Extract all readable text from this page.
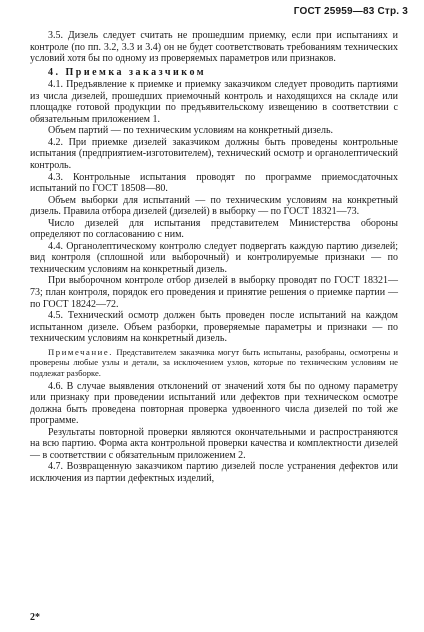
ГОСТ 25959—83 Стр. 3

3.5. Дизель следует считать не прошедшим приемку, если при испытаниях и контроле (по пп. 3.2, 3.3 и 3.4) он не будет соответствовать требованиям технических условий хотя бы по одному из проверяемых параметров или признаков.

4. Приемка заказчиком

4.1. Предъявление к приемке и приемку заказчиком следует проводить партиями из числа дизелей, прошедших приемочный контроль и находящихся на складе или площадке готовой продукции по предъявительскому извещению в соответствии с обязательным приложением 1.

Объем партий — по техническим условиям на конкретный дизель.

4.2. При приемке дизелей заказчиком должны быть проведены контрольные испытания (предприятием-изготовителем), технический осмотр и органолептический контроль.

4.3. Контрольные испытания проводят по программе приемосдаточных испытаний по ГОСТ 18508—80.

Объем выборки для испытаний — по техническим условиям на конкретный дизель. Правила отбора дизелей (дизелей) в выборку — по ГОСТ 18321—73.

Число дизелей для испытания представителем Министерства обороны определяют по согласованию с ним.

4.4. Органолептическому контролю следует подвергать каждую партию дизелей; вид контроля (сплошной или выборочный) и контролируемые признаки — по техническим условиям на конкретный дизель.

При выборочном контроле отбор дизелей в выборку проводят по ГОСТ 18321—73; план контроля, порядок его проведения и принятие решения о приемке партии — по ГОСТ 18242—72.

4.5. Технический осмотр должен быть проведен после испытаний на каждом испытанном дизеле. Объем разборки, проверяемые параметры и признаки — по техническим условиям на конкретный дизель.

Примечание. Представителем заказчика могут быть испытаны, разобраны, осмотрены и проверены любые узлы и детали, за исключением узлов, которые по техническим условиям не подлежат разборке.

4.6. В случае выявления отклонений от значений хотя бы по одному параметру или признаку при проведении испытаний или дефектов при техническом осмотре должна быть проведена повторная проверка удвоенного числа дизелей по той же программе.

Результаты повторной проверки являются окончательными и распространяются на всю партию. Форма акта контрольной проверки качества и комплектности дизелей — в соответствии с обязательным приложением 2.

4.7. Возвращенную заказчиком партию дизелей после устранения дефектов или исключения из партии дефектных изделий,

2*
